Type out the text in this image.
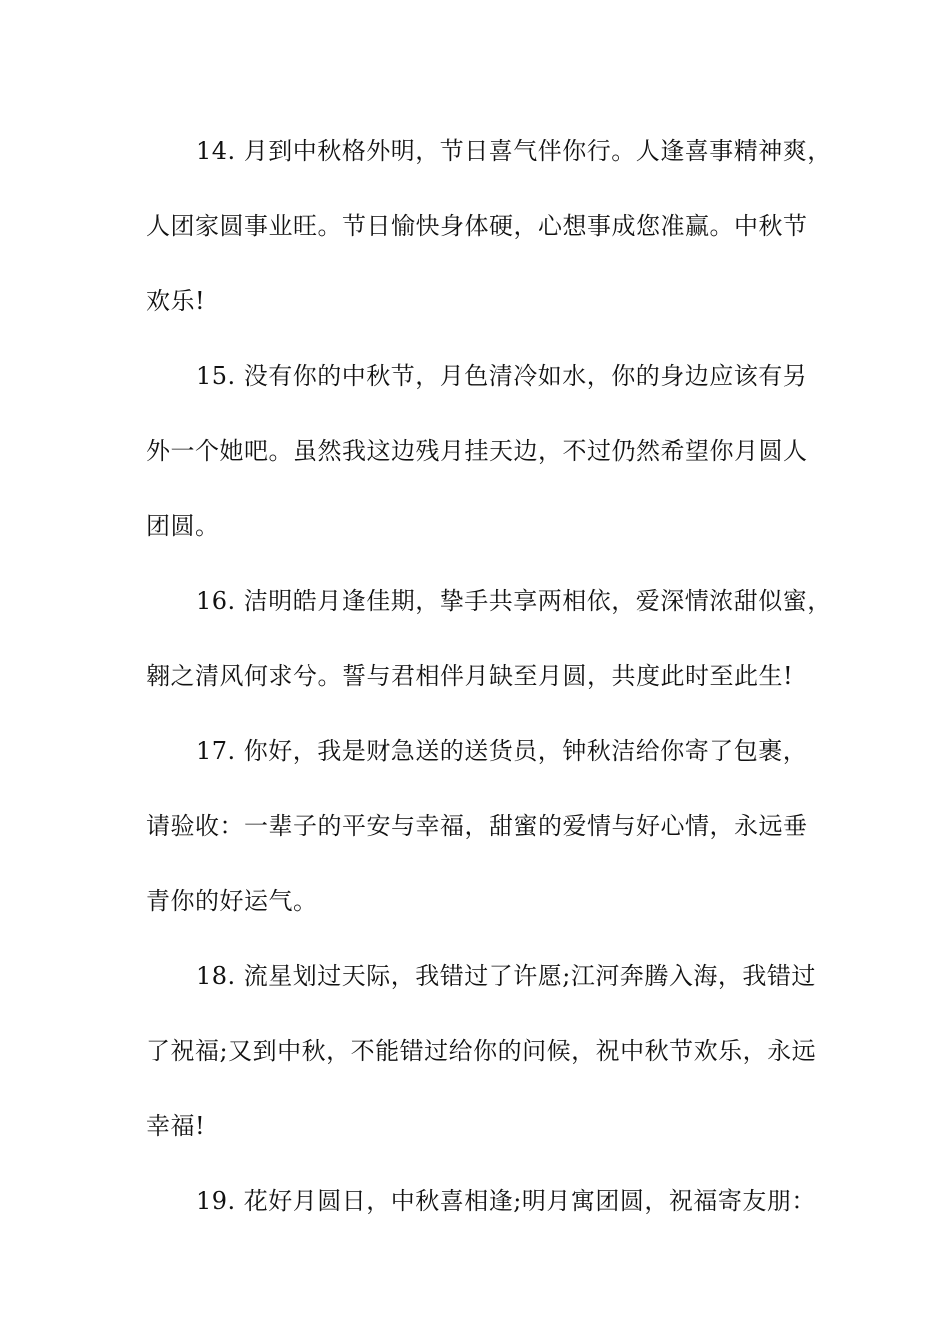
14. 月到中秋格外明，节日喜气伴你行。人逢喜事精神爽，
人团家圆事业旺。节日愉快身体硬，心想事成您准赢。中秋节
欢乐!
15. 没有你的中秋节，月色清冷如水，你的身边应该有另
外一个她吧。虽然我这边残月挂天边，不过仍然希望你月圆人
团圆。
16. 洁明皓月逢佳期，挚手共享两相依，爱深情浓甜似蜜，
翱之清风何求兮。誓与君相伴月缺至月圆，共度此时至此生!
17. 你好，我是财急送的送货员，钟秋洁给你寄了包裹，
请验收：一辈子的平安与幸福，甜蜜的爱情与好心情，永远垂
青你的好运气。
18. 流星划过天际，我错过了许愿;江河奔腾入海，我错过
了祝福;又到中秋，不能错过给你的问候，祝中秋节欢乐，永远
幸福!
19. 花好月圆日，中秋喜相逢;明月寓团圆，祝福寄友朋：
